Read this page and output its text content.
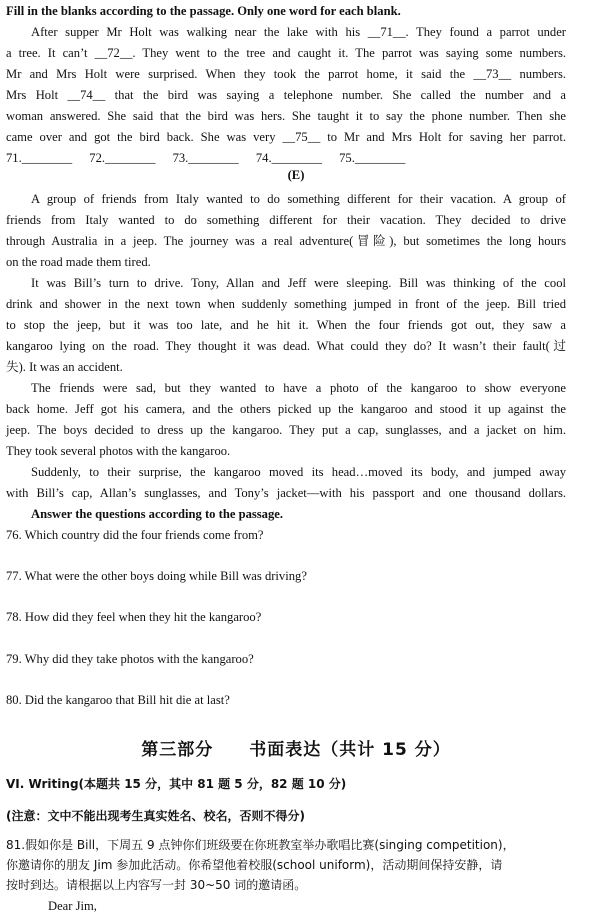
Fill in the blanks according to the passage. Only one word for each blank.
After supper Mr Holt was walking near the lake with his __71__. They found a parrot under
a tree. It can’t __72__. They went to the tree and caught it. The parrot was saying some numbers.
Mr and Mrs Holt were surprised. When they took the parrot home, it said the __73__ numbers.
Mrs Holt __74__ that the bird was saying a telephone number. She called the number and a
woman answered. She said that the bird was hers. She taught it to say the phone number. Then she
came over and got the bird back. She was very __75__ to Mr and Mrs Holt for saving her parrot.
71.________ 72.________ 73.________ 74.________ 75.________
(E)
A group of friends from Italy wanted to do something different for their vacation. A group of
friends from Italy wanted to do something different for their vacation. They decided to drive
through Australia in a jeep. The journey was a real adventure(冒险), but sometimes the long hours
on the road made them tired.
It was Bill’s turn to drive. Tony, Allan and Jeff were sleeping. Bill was thinking of the cool
drink and shower in the next town when suddenly something jumped in front of the jeep. Bill tried
to stop the jeep, but it was too late, and he hit it. When the four friends got out, they saw a
kangaroo lying on the road. They thought it was dead. What could they do? It wasn’t their fault(过
失). It was an accident.
The friends were sad, but they wanted to have a photo of the kangaroo to show everyone
back home. Jeff got his camera, and the others picked up the kangaroo and stood it up against the
jeep. The boys decided to dress up the kangaroo. They put a cap, sunglasses, and a jacket on him.
They took several photos with the kangaroo.
Suddenly, to their surprise, the kangaroo moved its head…moved its body, and jumped away
with Bill’s cap, Allan’s sunglasses, and Tony’s jacket—with his passport and one thousand dollars.
Answer the questions according to the passage.
76. Which country did the four friends come from?
77. What were the other boys doing while Bill was driving?
78. How did they feel when they hit the kangaroo?
79. Why did they take photos with the kangaroo?
80. Did the kangaroo that Bill hit die at last?
第三部分　　书面表达（共计 15 分）
VI. Writing(本题共 15 分，其中 81 题 5 分，82 题 10 分)
(注意：文中不能出现考生真实姓名、校名，否则不得分)
81.假如你是 Bill，下周五 9 点钟你们班级要在你班教室举办歌唱比赛(singing competition)，
你邀请你的朋友 Jim 参加此活动。你希望他着校服(school uniform)，活动期间保持安静，请
按时到达。请根据以上内容写一封 30~50 词的邀请函。
Dear Jim,
